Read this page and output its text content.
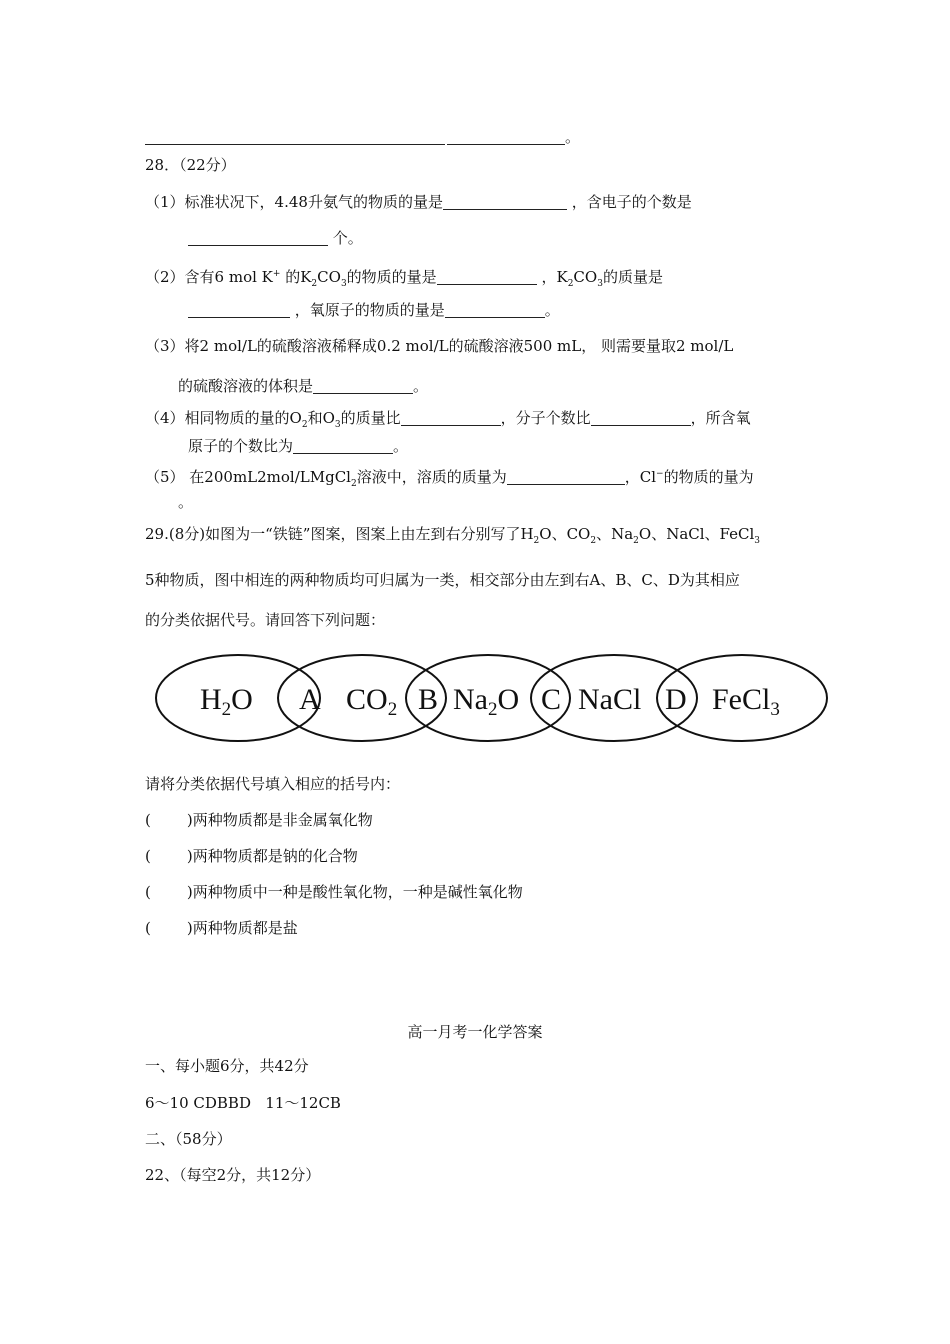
。
28．（22分）
（1）标准状况下，4.48升氨气的物质的量是	，含电子的个数是
个。
（2）含有6 mol K+ 的$K_2CO_3$的物质的量是	，$K_2CO_3$的质量是
，氧原子的物质的量是	。
（3）将2 mol/L的硫酸溶液稀释成0.2 mol/L的硫酸溶液500 mL， 则需要量取2 mol/L
的硫酸溶液的体积是	。
（4）相同物质的量的$O_2$和$O_3$的质量比	，分子个数比	，所含氧
原子的个数比为	。
（5） 在200mL2mol/LMgCl$_2$溶液中，溶质的质量为	，Cl−的物质的量为
。
29.(8分)如图为一“铁链”图案，图案上由左到右分别写了$H_2O$、$CO_2$、$Na_2O$、NaCl、FeCl$_3$
5种物质，图中相连的两种物质均可归属为一类，相交部分由左到右A、B、C、D为其相应
的分类依据代号。请回答下列问题：
$H_2O$ A $CO_2$ B $Na_2O$ C NaCl D FeCl$_3$
请将分类依据代号填入相应的括号内：
( )两种物质都是非金属氧化物
( )两种物质都是钠的化合物
( )两种物质中一种是酸性氧化物，一种是碱性氧化物
( )两种物质都是盐
高一月考一化学答案
一、每小题6分，共42分
6～10 CDBBD   11～12CB
二、（58分）
22、（每空2分，共12分）
